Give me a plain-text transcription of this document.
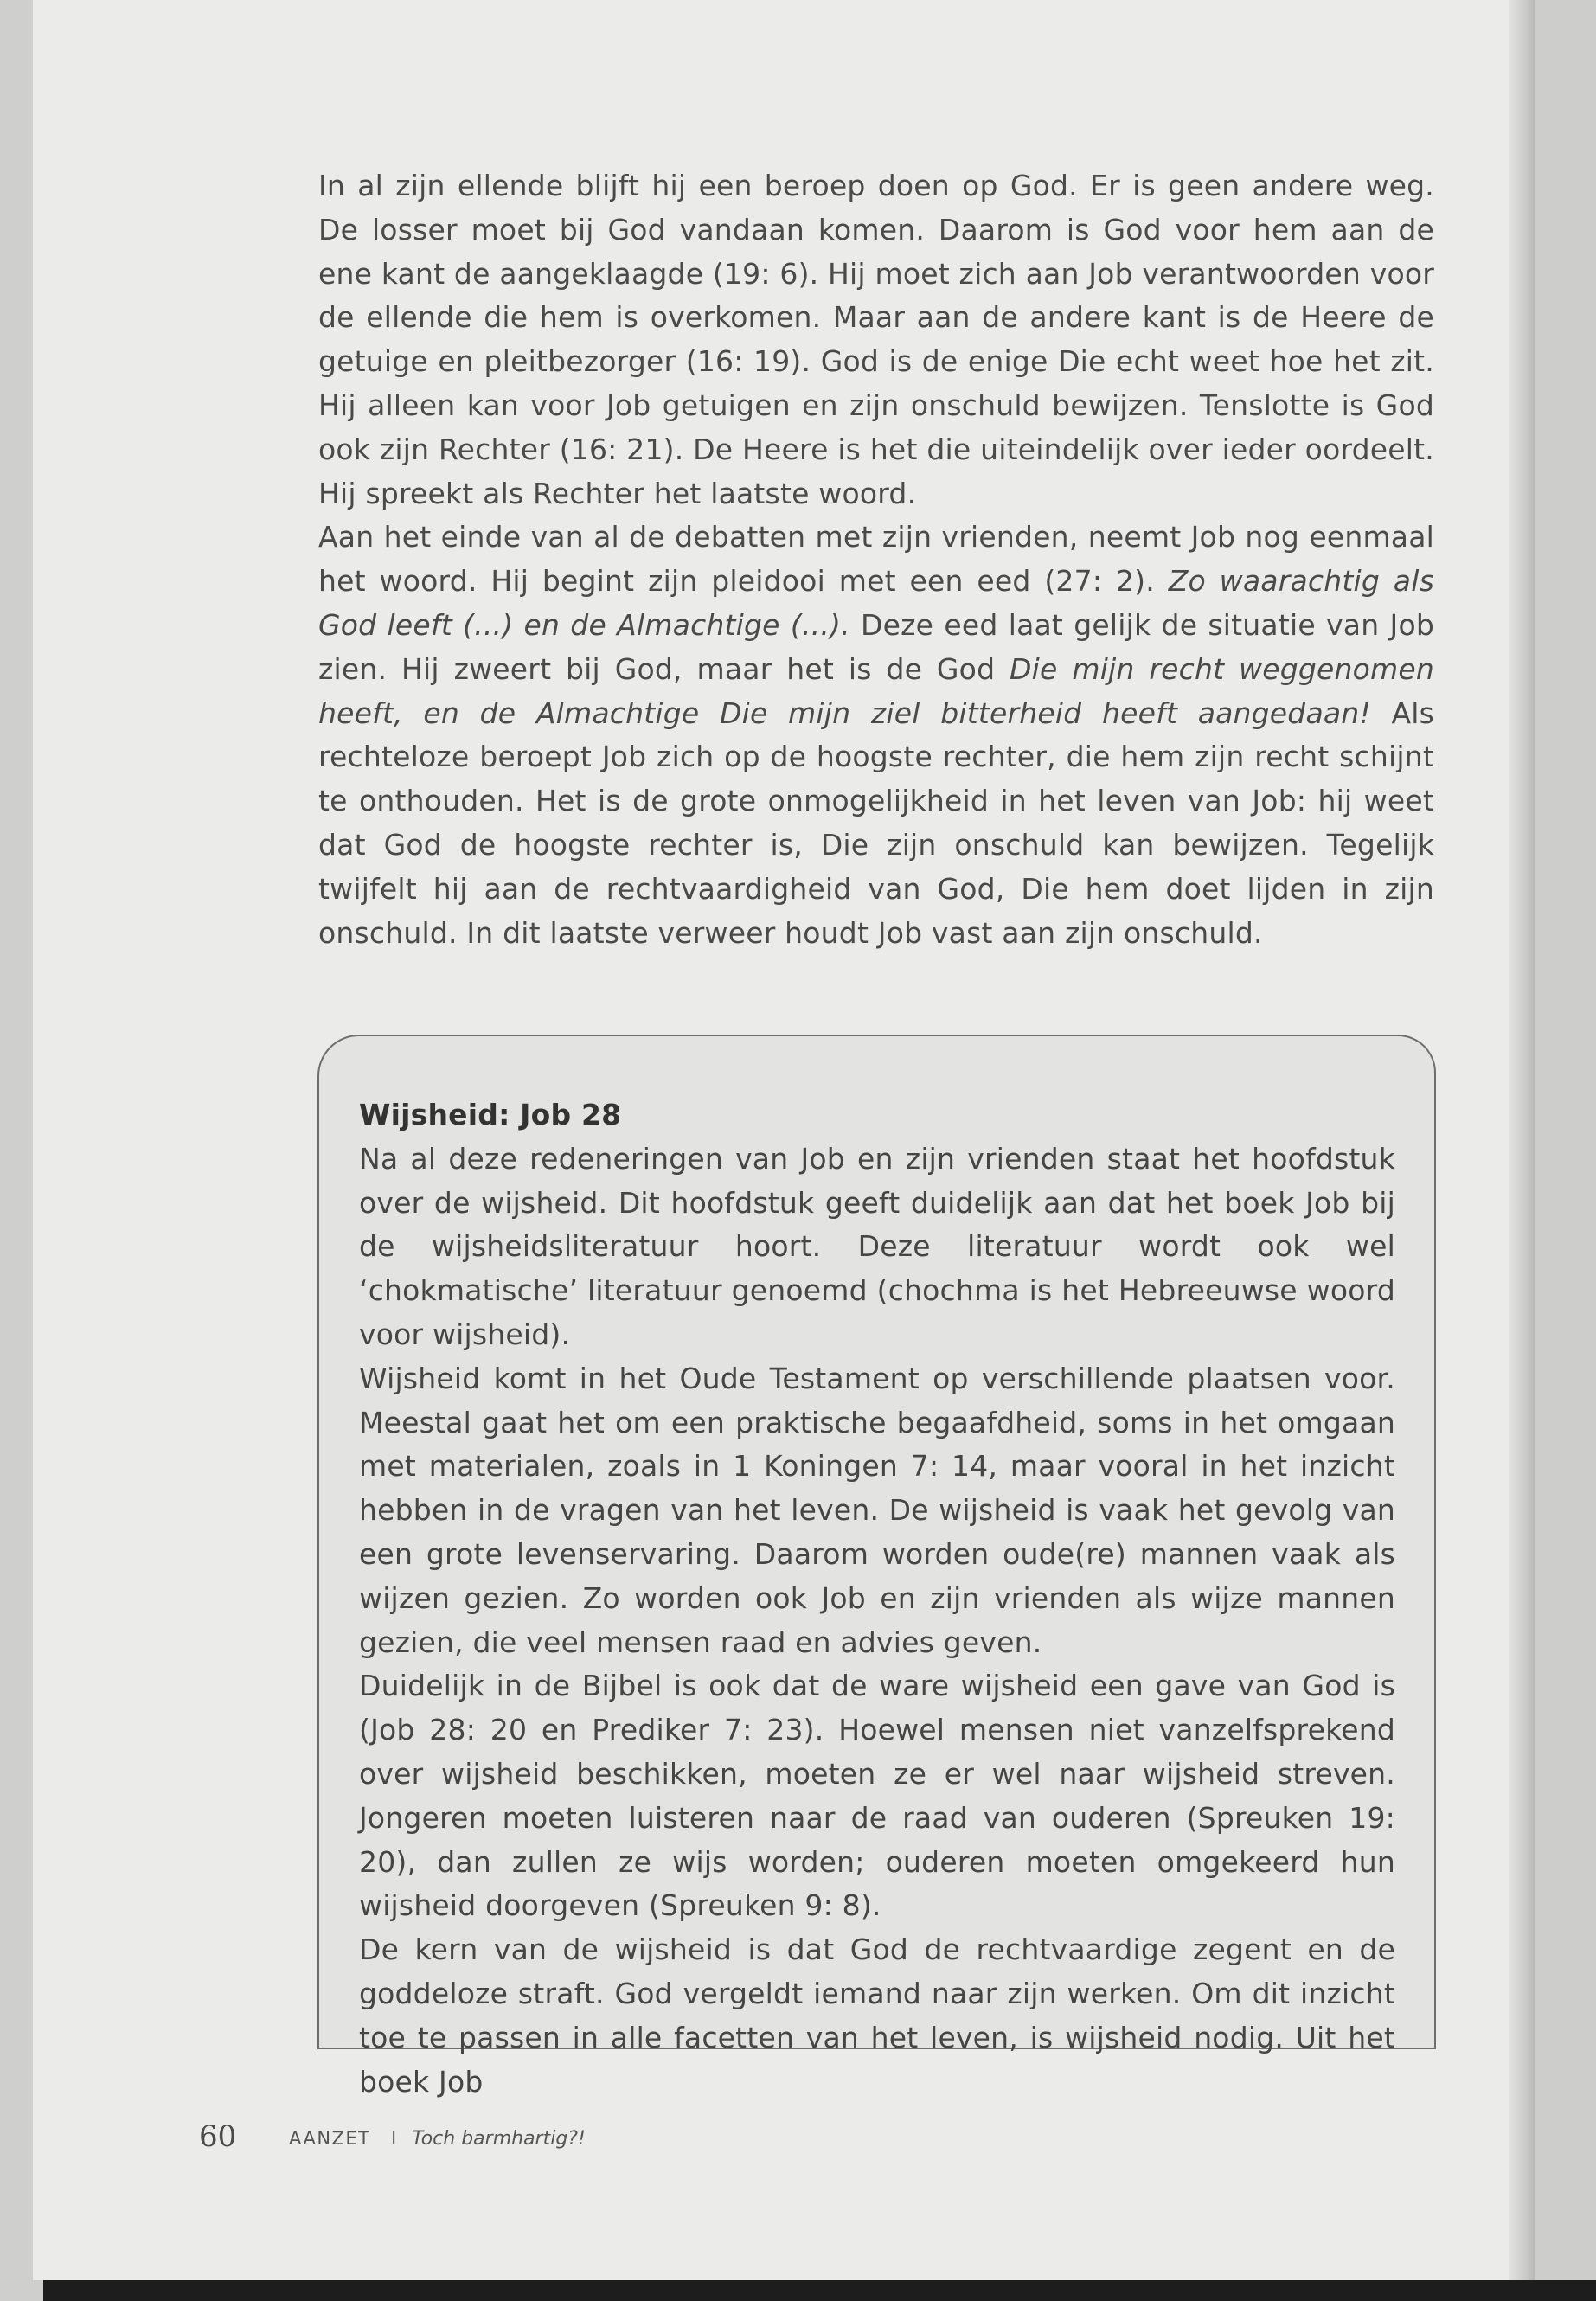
In al zijn ellende blijft hij een beroep doen op God. Er is geen andere weg. De losser moet bij God vandaan komen. Daarom is God voor hem aan de ene kant de aangeklaagde (19: 6). Hij moet zich aan Job verantwoorden voor de ellende die hem is overkomen. Maar aan de andere kant is de Heere de getuige en pleitbezorger (16: 19). God is de enige Die echt weet hoe het zit. Hij alleen kan voor Job getuigen en zijn onschuld bewijzen. Tenslotte is God ook zijn Rechter (16: 21). De Heere is het die uiteindelijk over ieder oordeelt. Hij spreekt als Rechter het laatste woord.

Aan het einde van al de debatten met zijn vrienden, neemt Job nog eenmaal het woord. Hij begint zijn pleidooi met een eed (27: 2). Zo waarachtig als God leeft (...) en de Almachtige (...). Deze eed laat gelijk de situatie van Job zien. Hij zweert bij God, maar het is de God Die mijn recht weggenomen heeft, en de Almachtige Die mijn ziel bitterheid heeft aangedaan! Als rechteloze beroept Job zich op de hoogste rechter, die hem zijn recht schijnt te onthouden. Het is de grote onmogelijkheid in het leven van Job: hij weet dat God de hoogste rechter is, Die zijn onschuld kan bewijzen. Tegelijk twijfelt hij aan de rechtvaardigheid van God, Die hem doet lijden in zijn onschuld. In dit laatste verweer houdt Job vast aan zijn onschuld.

Wijsheid: Job 28

Na al deze redeneringen van Job en zijn vrienden staat het hoofdstuk over de wijsheid. Dit hoofdstuk geeft duidelijk aan dat het boek Job bij de wijsheidsliteratuur hoort. Deze literatuur wordt ook wel ‘chokmatische’ literatuur genoemd (chochma is het Hebreeuwse woord voor wijsheid).

Wijsheid komt in het Oude Testament op verschillende plaatsen voor. Meestal gaat het om een praktische begaafdheid, soms in het omgaan met materialen, zoals in 1 Koningen 7: 14, maar vooral in het inzicht hebben in de vragen van het leven. De wijsheid is vaak het gevolg van een grote levenservaring. Daarom worden oude(re) mannen vaak als wijzen gezien. Zo worden ook Job en zijn vrienden als wijze mannen gezien, die veel mensen raad en advies geven.

Duidelijk in de Bijbel is ook dat de ware wijsheid een gave van God is (Job 28: 20 en Prediker 7: 23). Hoewel mensen niet vanzelfsprekend over wijsheid beschikken, moeten ze er wel naar wijsheid streven. Jongeren moeten luisteren naar de raad van ouderen (Spreuken 19: 20), dan zullen ze wijs worden; ouderen moeten omgekeerd hun wijsheid doorgeven (Spreuken 9: 8).

De kern van de wijsheid is dat God de rechtvaardige zegent en de goddeloze straft. God vergeldt iemand naar zijn werken. Om dit inzicht toe te passen in alle facetten van het leven, is wijsheid nodig. Uit het boek Job

60	AANZET I Toch barmhartig?!
